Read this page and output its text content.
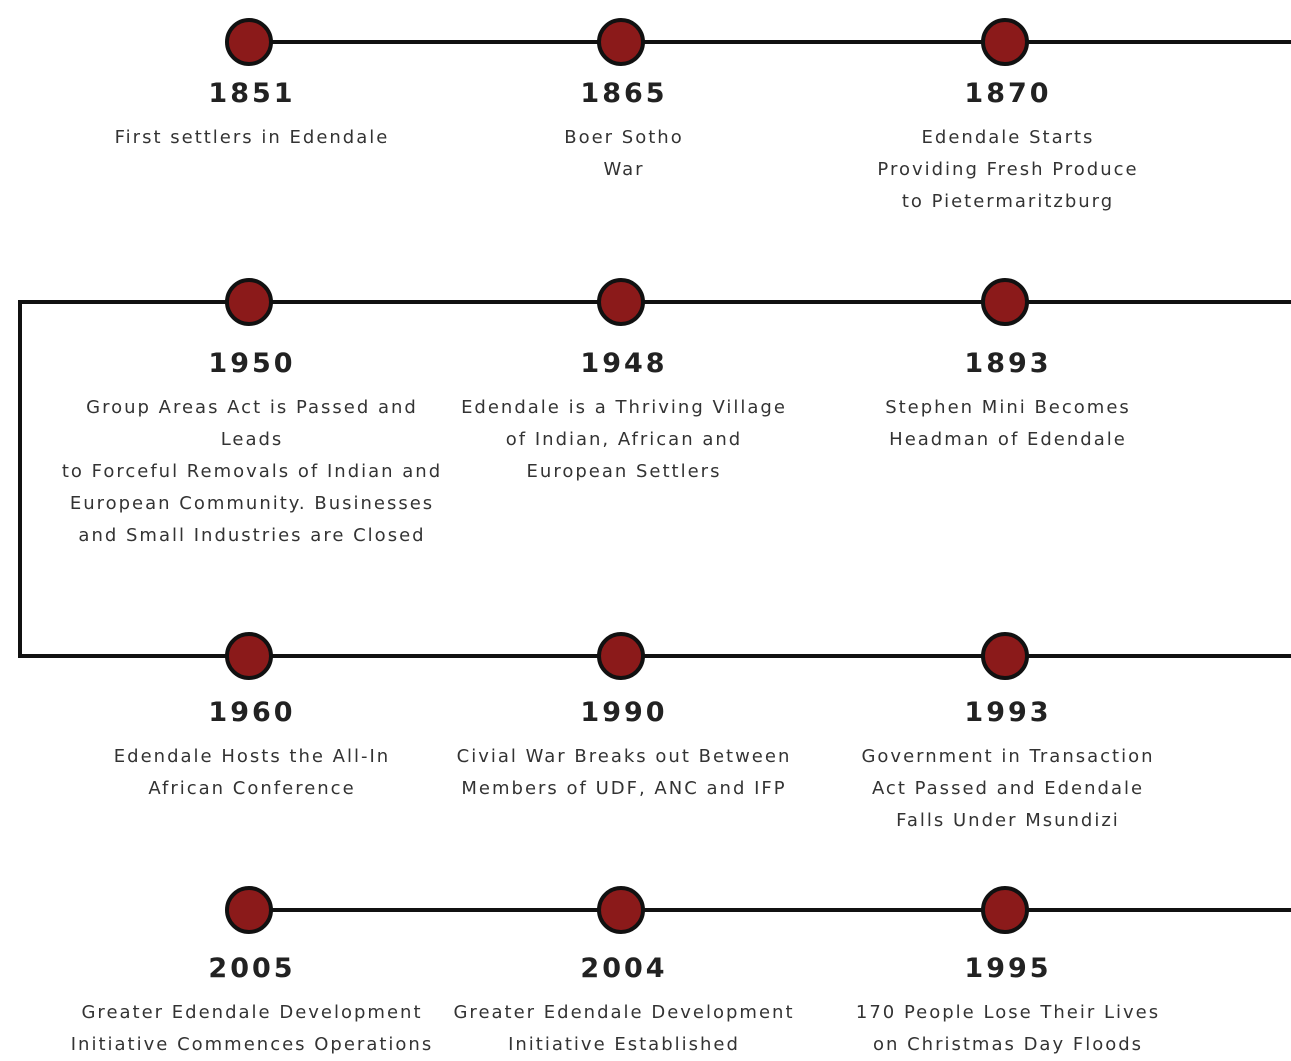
1851
First settlers in Edendale
1865
Boer Sotho
War
1870
Edendale Starts
Providing Fresh Produce
to Pietermaritzburg
1950
Group Areas Act is Passed and Leads
to Forceful Removals of Indian and
European Community. Businesses
and Small Industries are Closed
1948
Edendale is a Thriving Village
of Indian, African and
European Settlers
1893
Stephen Mini Becomes
Headman of Edendale
1960
Edendale Hosts the All-In
African Conference
1990
Civial War Breaks out Between
Members of UDF, ANC and IFP
1993
Government in Transaction
Act Passed and Edendale
Falls Under Msundizi
2005
Greater Edendale Development
Initiative Commences Operations
2004
Greater Edendale Development
Initiative Established
1995
170 People Lose Their Lives
on Christmas Day Floods
